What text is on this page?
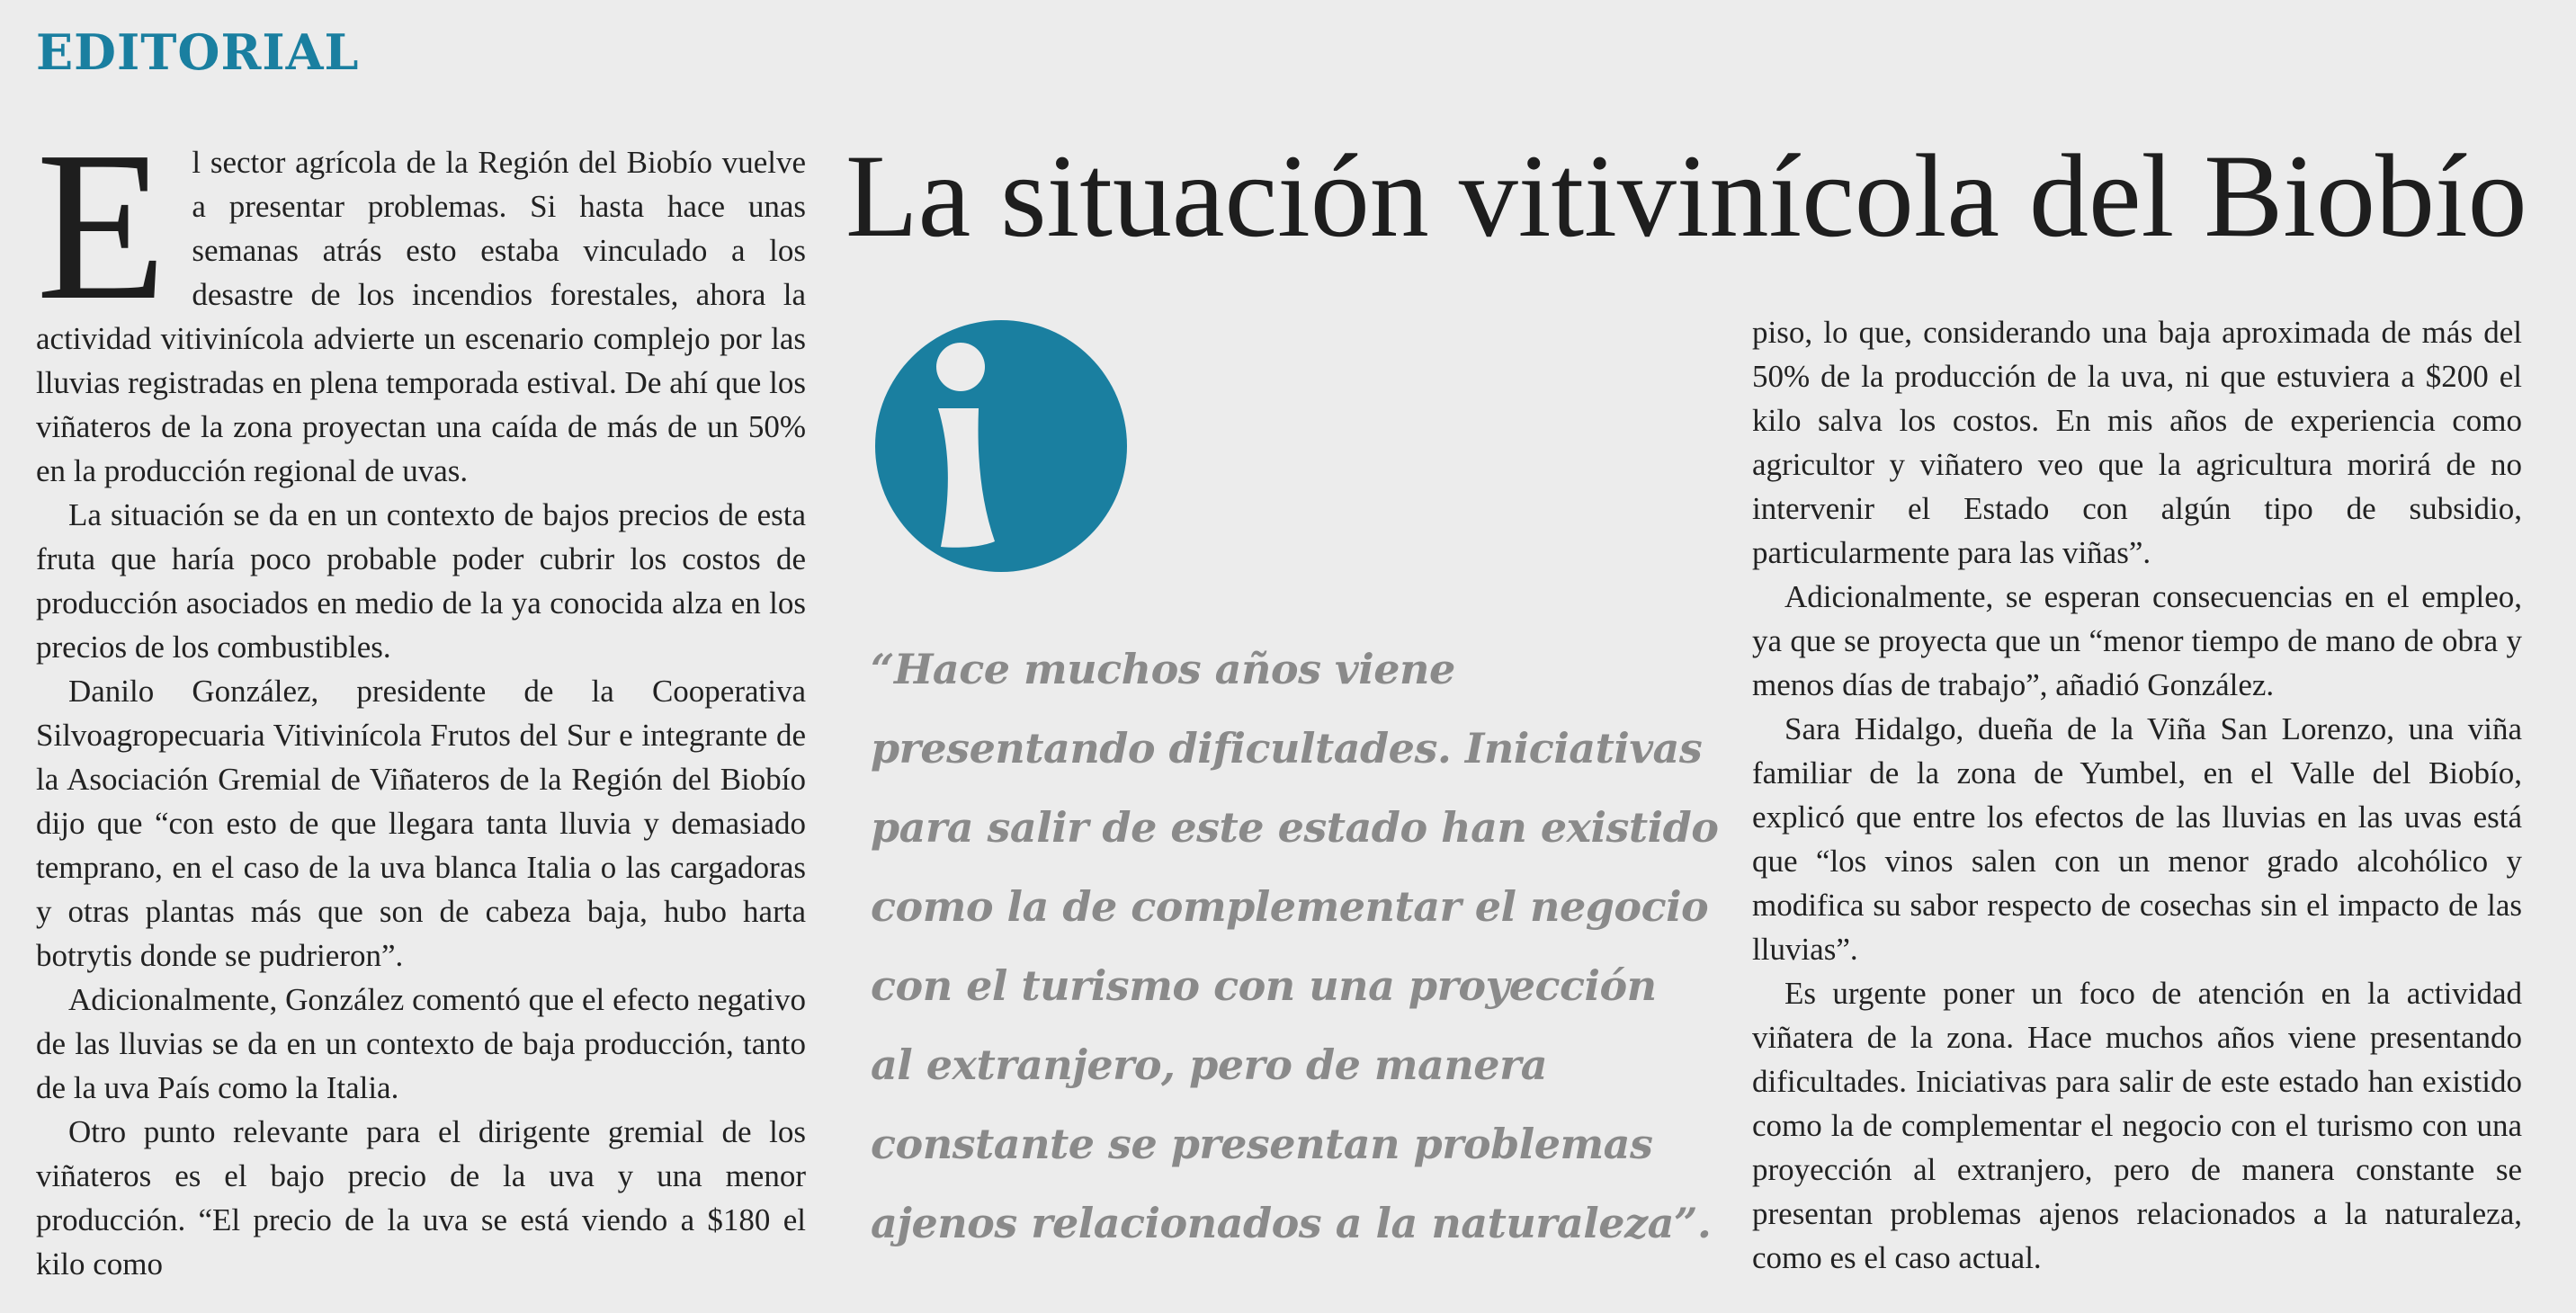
EDITORIAL
La situación vitivinícola del Biobío

E l sector agrícola de la Región del Biobío vuelve a presentar problemas. Si hasta hace unas semanas atrás esto estaba vinculado a los desastre de los incendios forestales, ahora la actividad vitivinícola advierte un escenario complejo por las lluvias registradas en plena temporada estival. De ahí que los viñateros de la zona proyectan una caída de más de un 50% en la producción regional de uvas.

La situación se da en un contexto de bajos precios de esta fruta que haría poco probable poder cubrir los costos de producción asociados en medio de la ya conocida alza en los precios de los combustibles.

Danilo González, presidente de la Cooperativa Silvoagropecuaria Vitivinícola Frutos del Sur e integrante de la Asociación Gremial de Viñateros de la Región del Biobío dijo que “con esto de que llegara tanta lluvia y demasiado temprano, en el caso de la uva blanca Italia o las cargadoras y otras plantas más que son de cabeza baja, hubo harta botrytis donde se pudrieron”.

Adicionalmente, González comentó que el efecto negativo de las lluvias se da en un contexto de baja producción, tanto de la uva País como la Italia.

Otro punto relevante para el dirigente gremial de los viñateros es el bajo precio de la uva y una menor producción. “El precio de la uva se está viendo a $180 el kilo como

“Hace muchos años viene
presentando dificultades. Iniciativas
para salir de este estado han existido
como la de complementar el negocio
con el turismo con una proyección
al extranjero, pero de manera
constante se presentan problemas
ajenos relacionados a la naturaleza”.

piso, lo que, considerando una baja aproximada de más del 50% de la producción de la uva, ni que estuviera a $200 el kilo salva los costos. En mis años de experiencia como agricultor y viñatero veo que la agricultura morirá de no intervenir el Estado con algún tipo de subsidio, particularmente para las viñas”.

Adicionalmente, se esperan consecuencias en el empleo, ya que se proyecta que un “menor tiempo de mano de obra y menos días de trabajo”, añadió González.

Sara Hidalgo, dueña de la Viña San Lorenzo, una viña familiar de la zona de Yumbel, en el Valle del Biobío, explicó que entre los efectos de las lluvias en las uvas está que “los vinos salen con un menor grado alcohólico y modifica su sabor respecto de cosechas sin el impacto de las lluvias”.

Es urgente poner un foco de atención en la actividad viñatera de la zona. Hace muchos años viene presentando dificultades. Iniciativas para salir de este estado han existido como la de complementar el negocio con el turismo con una proyección al extranjero, pero de manera constante se presentan problemas ajenos relacionados a la naturaleza, como es el caso actual.
